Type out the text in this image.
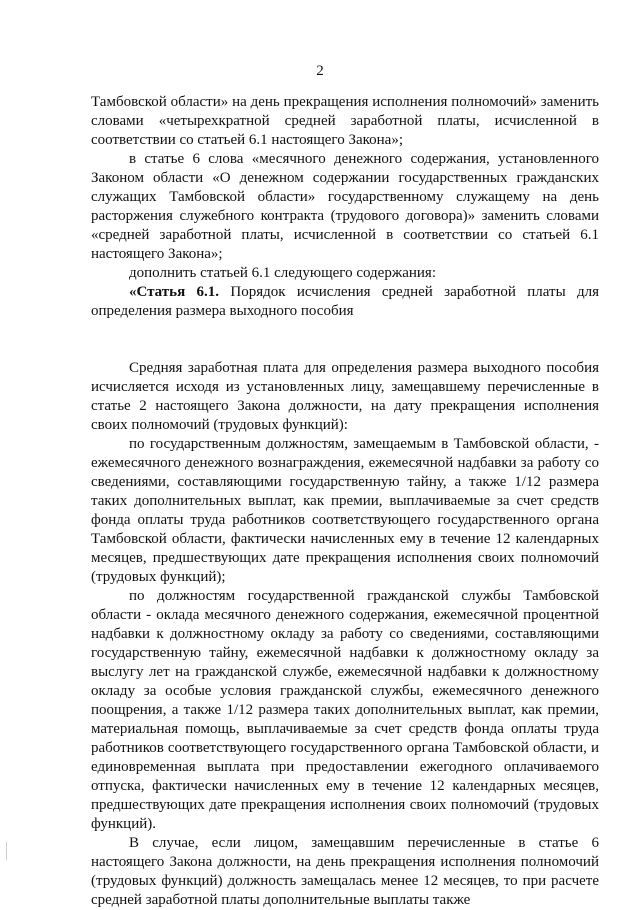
2

Тамбовской области» на день прекращения исполнения полномочий» заменить словами «четырехкратной средней заработной платы, исчисленной в соответствии со статьей 6.1 настоящего Закона»;

в статье 6 слова «месячного денежного содержания, установленного Законом области «О денежном содержании государственных гражданских служащих Тамбовской области» государственному служащему на день расторжения служебного контракта (трудового договора)» заменить словами «средней заработной платы, исчисленной в соответствии со статьей 6.1 настоящего Закона»;

дополнить статьей 6.1 следующего содержания:

«Статья 6.1. Порядок исчисления средней заработной платы для определения размера выходного пособия

Средняя заработная плата для определения размера выходного пособия исчисляется исходя из установленных лицу, замещавшему перечисленные в статье 2 настоящего Закона должности, на дату прекращения исполнения своих полномочий (трудовых функций):

по государственным должностям, замещаемым в Тамбовской области, - ежемесячного денежного вознаграждения, ежемесячной надбавки за работу со сведениями, составляющими государственную тайну, а также 1/12 размера таких дополнительных выплат, как премии, выплачиваемые за счет средств фонда оплаты труда работников соответствующего государственного органа Тамбовской области, фактически начисленных ему в течение 12 календарных месяцев, предшествующих дате прекращения исполнения своих полномочий (трудовых функций);

по должностям государственной гражданской службы Тамбовской области - оклада месячного денежного содержания, ежемесячной процентной надбавки к должностному окладу за работу со сведениями, составляющими государственную тайну, ежемесячной надбавки к должностному окладу за выслугу лет на гражданской службе, ежемесячной надбавки к должностному окладу за особые условия гражданской службы, ежемесячного денежного поощрения, а также 1/12 размера таких дополнительных выплат, как премии, материальная помощь, выплачиваемые за счет средств фонда оплаты труда работников соответствующего государственного органа Тамбовской области, и единовременная выплата при предоставлении ежегодного оплачиваемого отпуска, фактически начисленных ему в течение 12 календарных месяцев, предшествующих дате прекращения исполнения своих полномочий (трудовых функций).

В случае, если лицом, замещавшим перечисленные в статье 6 настоящего Закона должности, на день прекращения исполнения полномочий (трудовых функций) должность замещалась менее 12 месяцев, то при расчете средней заработной платы дополнительные выплаты также
